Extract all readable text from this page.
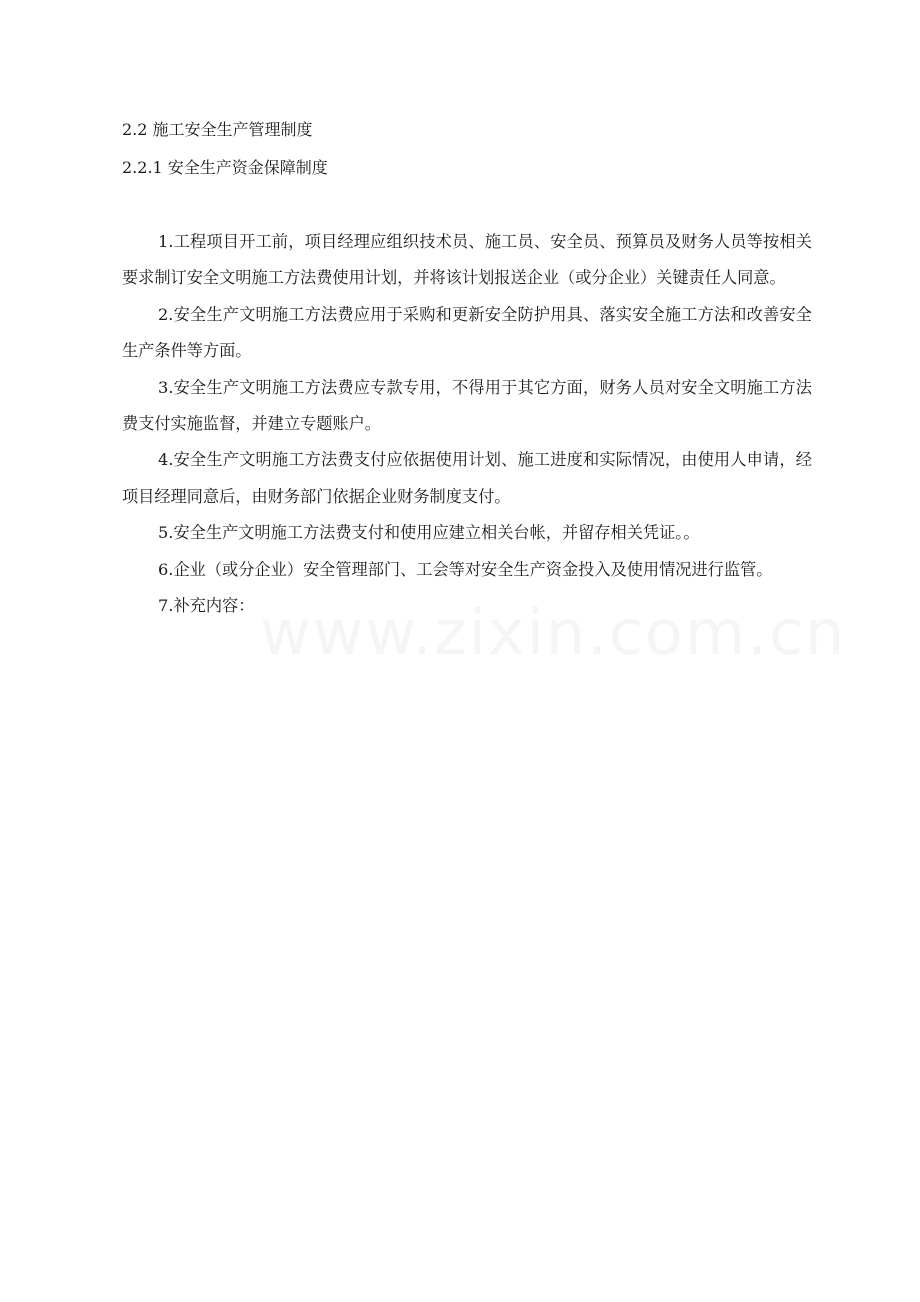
2.2 施工安全生产管理制度
2.2.1 安全生产资金保障制度

1.工程项目开工前，项目经理应组织技术员、施工员、安全员、预算员及财务人员等按相关要求制订安全文明施工方法费使用计划，并将该计划报送企业（或分企业）关键责任人同意。

2.安全生产文明施工方法费应用于采购和更新安全防护用具、落实安全施工方法和改善安全生产条件等方面。

3.安全生产文明施工方法费应专款专用，不得用于其它方面，财务人员对安全文明施工方法费支付实施监督，并建立专题账户。

4.安全生产文明施工方法费支付应依据使用计划、施工进度和实际情况，由使用人申请，经项目经理同意后，由财务部门依据企业财务制度支付。

5.安全生产文明施工方法费支付和使用应建立相关台帐，并留存相关凭证。。

6.企业（或分企业）安全管理部门、工会等对安全生产资金投入及使用情况进行监管。

7.补充内容： www.zixin.com.cn
